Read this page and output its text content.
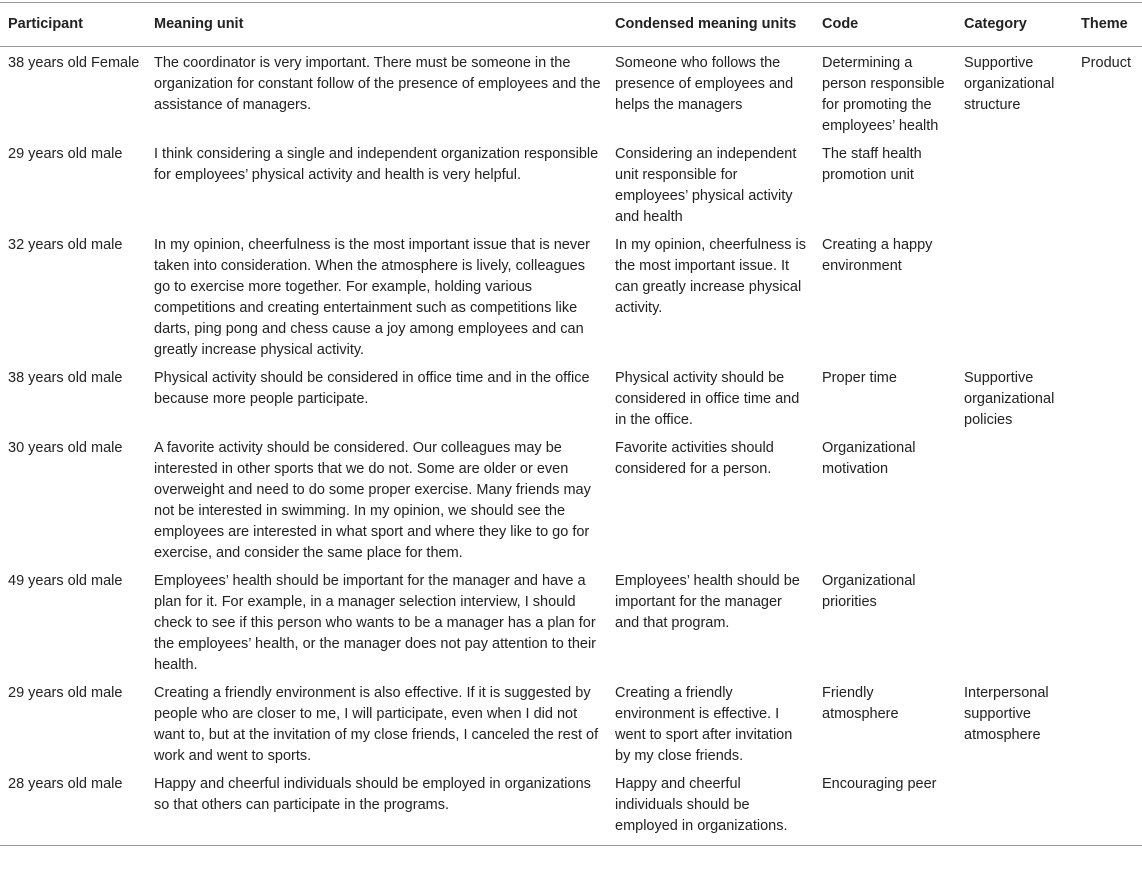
Participant	Meaning unit	Condensed meaning units	Code	Category	Theme
38 years old Female	The coordinator is very important. There must be someone in the organization for constant follow of the presence of employees and the assistance of managers.	Someone who follows the presence of employees and helps the managers	Determining a person responsible for promoting the employees’ health	Supportive organizational structure	Product
29 years old male	I think considering a single and independent organization responsible for employees’ physical activity and health is very helpful.	Considering an independent unit responsible for employees’ physical activity and health	The staff health promotion unit		
32 years old male	In my opinion, cheerfulness is the most important issue that is never taken into consideration. When the atmosphere is lively, colleagues go to exercise more together. For example, holding various competitions and creating entertainment such as competitions like darts, ping pong and chess cause a joy among employees and can greatly increase physical activity.	In my opinion, cheerfulness is the most important issue. It can greatly increase physical activity.	Creating a happy environment		
38 years old male	Physical activity should be considered in office time and in the office because more people participate.	Physical activity should be considered in office time and in the office.	Proper time	Supportive organizational policies	
30 years old male	A favorite activity should be considered. Our colleagues may be interested in other sports that we do not. Some are older or even overweight and need to do some proper exercise. Many friends may not be interested in swimming. In my opinion, we should see the employees are interested in what sport and where they like to go for exercise, and consider the same place for them.	Favorite activities should considered for a person.	Organizational motivation		
49 years old male	Employees’ health should be important for the manager and have a plan for it. For example, in a manager selection interview, I should check to see if this person who wants to be a manager has a plan for the employees’ health, or the manager does not pay attention to their health.	Employees’ health should be important for the manager and that program.	Organizational priorities		
29 years old male	Creating a friendly environment is also effective. If it is suggested by people who are closer to me, I will participate, even when I did not want to, but at the invitation of my close friends, I canceled the rest of work and went to sports.	Creating a friendly environment is effective. I went to sport after invitation by my close friends.	Friendly atmosphere	Interpersonal supportive atmosphere	
28 years old male	Happy and cheerful individuals should be employed in organizations so that others can participate in the programs.	Happy and cheerful individuals should be employed in organizations.	Encouraging peer		
